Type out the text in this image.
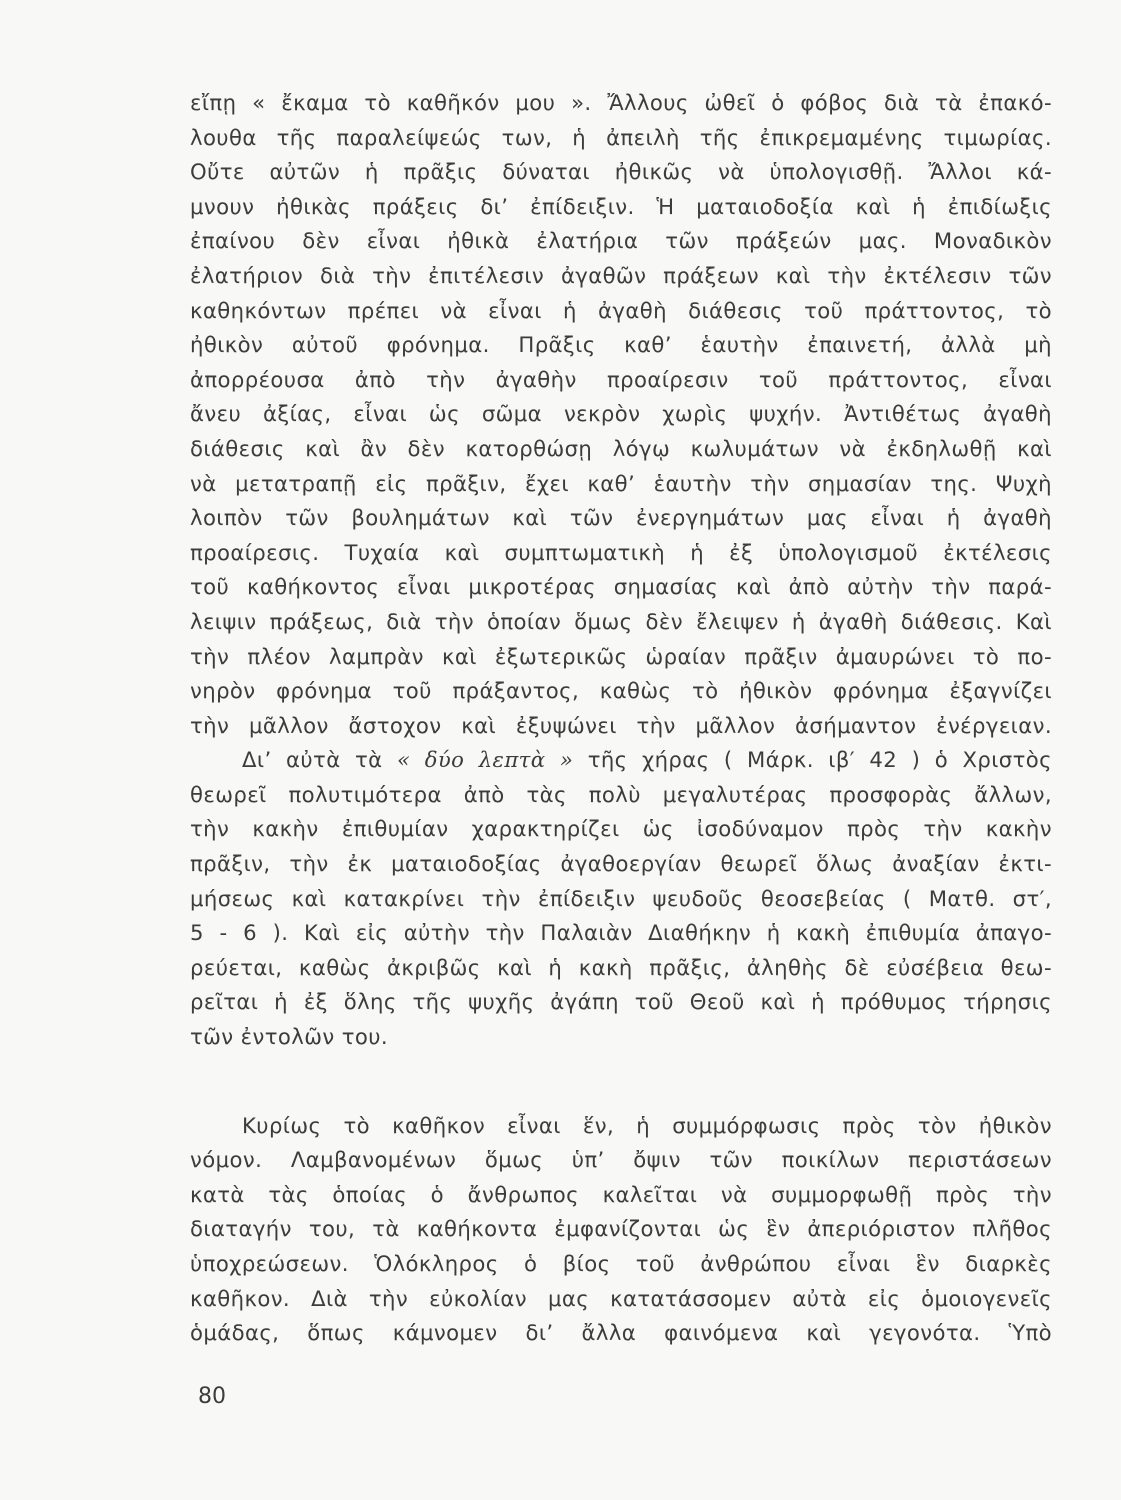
εἴπῃ « ἔκαμα τὸ καθῆκόν μου ». Ἄλλους ὠθεῖ ὁ φόβος διὰ τὰ ἐπακό-
λουθα τῆς παραλείψεώς των, ἡ ἀπειλὴ τῆς ἐπικρεμαμένης τιμωρίας.
Οὔτε αὐτῶν ἡ πρᾶξις δύναται ἠθικῶς νὰ ὑπολογισθῇ. Ἄλλοι κά-
μνουν ἠθικὰς πράξεις δι’ ἐπίδειξιν. Ἡ ματαιοδοξία καὶ ἡ ἐπιδίωξις
ἐπαίνου δὲν εἶναι ἠθικὰ ἐλατήρια τῶν πράξεών μας. Μοναδικὸν
ἐλατήριον διὰ τὴν ἐπιτέλεσιν ἀγαθῶν πράξεων καὶ τὴν ἐκτέλεσιν τῶν
καθηκόντων πρέπει νὰ εἶναι ἡ ἀγαθὴ διάθεσις τοῦ πράττοντος, τὸ
ἠθικὸν αὐτοῦ φρόνημα. Πρᾶξις καθ’ ἑαυτὴν ἐπαινετή, ἀλλὰ μὴ
ἀπορρέουσα ἀπὸ τὴν ἀγαθὴν προαίρεσιν τοῦ πράττοντος, εἶναι
ἄνευ ἀξίας, εἶναι ὡς σῶμα νεκρὸν χωρὶς ψυχήν. Ἀντιθέτως ἀγαθὴ
διάθεσις καὶ ἂν δὲν κατορθώσῃ λόγῳ κωλυμάτων νὰ ἐκδηλωθῇ καὶ
νὰ μετατραπῇ εἰς πρᾶξιν, ἔχει καθ’ ἑαυτὴν τὴν σημασίαν της. Ψυχὴ
λοιπὸν τῶν βουλημάτων καὶ τῶν ἐνεργημάτων μας εἶναι ἡ ἀγαθὴ
προαίρεσις. Τυχαία καὶ συμπτωματικὴ ἡ ἐξ ὑπολογισμοῦ ἐκτέλεσις
τοῦ καθήκοντος εἶναι μικροτέρας σημασίας καὶ ἀπὸ αὐτὴν τὴν παρά-
λειψιν πράξεως, διὰ τὴν ὁποίαν ὅμως δὲν ἔλειψεν ἡ ἀγαθὴ διάθεσις. Καὶ
τὴν πλέον λαμπρὰν καὶ ἐξωτερικῶς ὡραίαν πρᾶξιν ἀμαυρώνει τὸ πο-
νηρὸν φρόνημα τοῦ πράξαντος, καθὼς τὸ ἠθικὸν φρόνημα ἐξαγνίζει
τὴν μᾶλλον ἄστοχον καὶ ἐξυψώνει τὴν μᾶλλον ἀσήμαντον ἐνέργειαν.
Δι’ αὐτὰ τὰ « δύο λεπτὰ » τῆς χήρας ( Μάρκ. ιβ′ 42 ) ὁ Χριστὸς
θεωρεῖ πολυτιμότερα ἀπὸ τὰς πολὺ μεγαλυτέρας προσφορὰς ἄλλων,
τὴν κακὴν ἐπιθυμίαν χαρακτηρίζει ὡς ἰσοδύναμον πρὸς τὴν κακὴν
πρᾶξιν, τὴν ἐκ ματαιοδοξίας ἀγαθοεργίαν θεωρεῖ ὅλως ἀναξίαν ἐκτι-
μήσεως καὶ κατακρίνει τὴν ἐπίδειξιν ψευδοῦς θεοσεβείας ( Ματθ. στ′,
5 - 6 ). Καὶ εἰς αὐτὴν τὴν Παλαιὰν Διαθήκην ἡ κακὴ ἐπιθυμία ἀπαγο-
ρεύεται, καθὼς ἀκριβῶς καὶ ἡ κακὴ πρᾶξις, ἀληθὴς δὲ εὐσέβεια θεω-
ρεῖται ἡ ἐξ ὅλης τῆς ψυχῆς ἀγάπη τοῦ Θεοῦ καὶ ἡ πρόθυμος τήρησις
τῶν ἐντολῶν του.
Κυρίως τὸ καθῆκον εἶναι ἕν, ἡ συμμόρφωσις πρὸς τὸν ἠθικὸν
νόμον. Λαμβανομένων ὅμως ὑπ’ ὄψιν τῶν ποικίλων περιστάσεων
κατὰ τὰς ὁποίας ὁ ἄνθρωπος καλεῖται νὰ συμμορφωθῇ πρὸς τὴν
διαταγήν του, τὰ καθήκοντα ἐμφανίζονται ὡς ἓν ἀπεριόριστον πλῆθος
ὑποχρεώσεων. Ὁλόκληρος ὁ βίος τοῦ ἀνθρώπου εἶναι ἓν διαρκὲς
καθῆκον. Διὰ τὴν εὐκολίαν μας κατατάσσομεν αὐτὰ εἰς ὁμοιογενεῖς
ὁμάδας, ὅπως κάμνομεν δι’ ἄλλα φαινόμενα καὶ γεγονότα. Ὑπὸ
80
